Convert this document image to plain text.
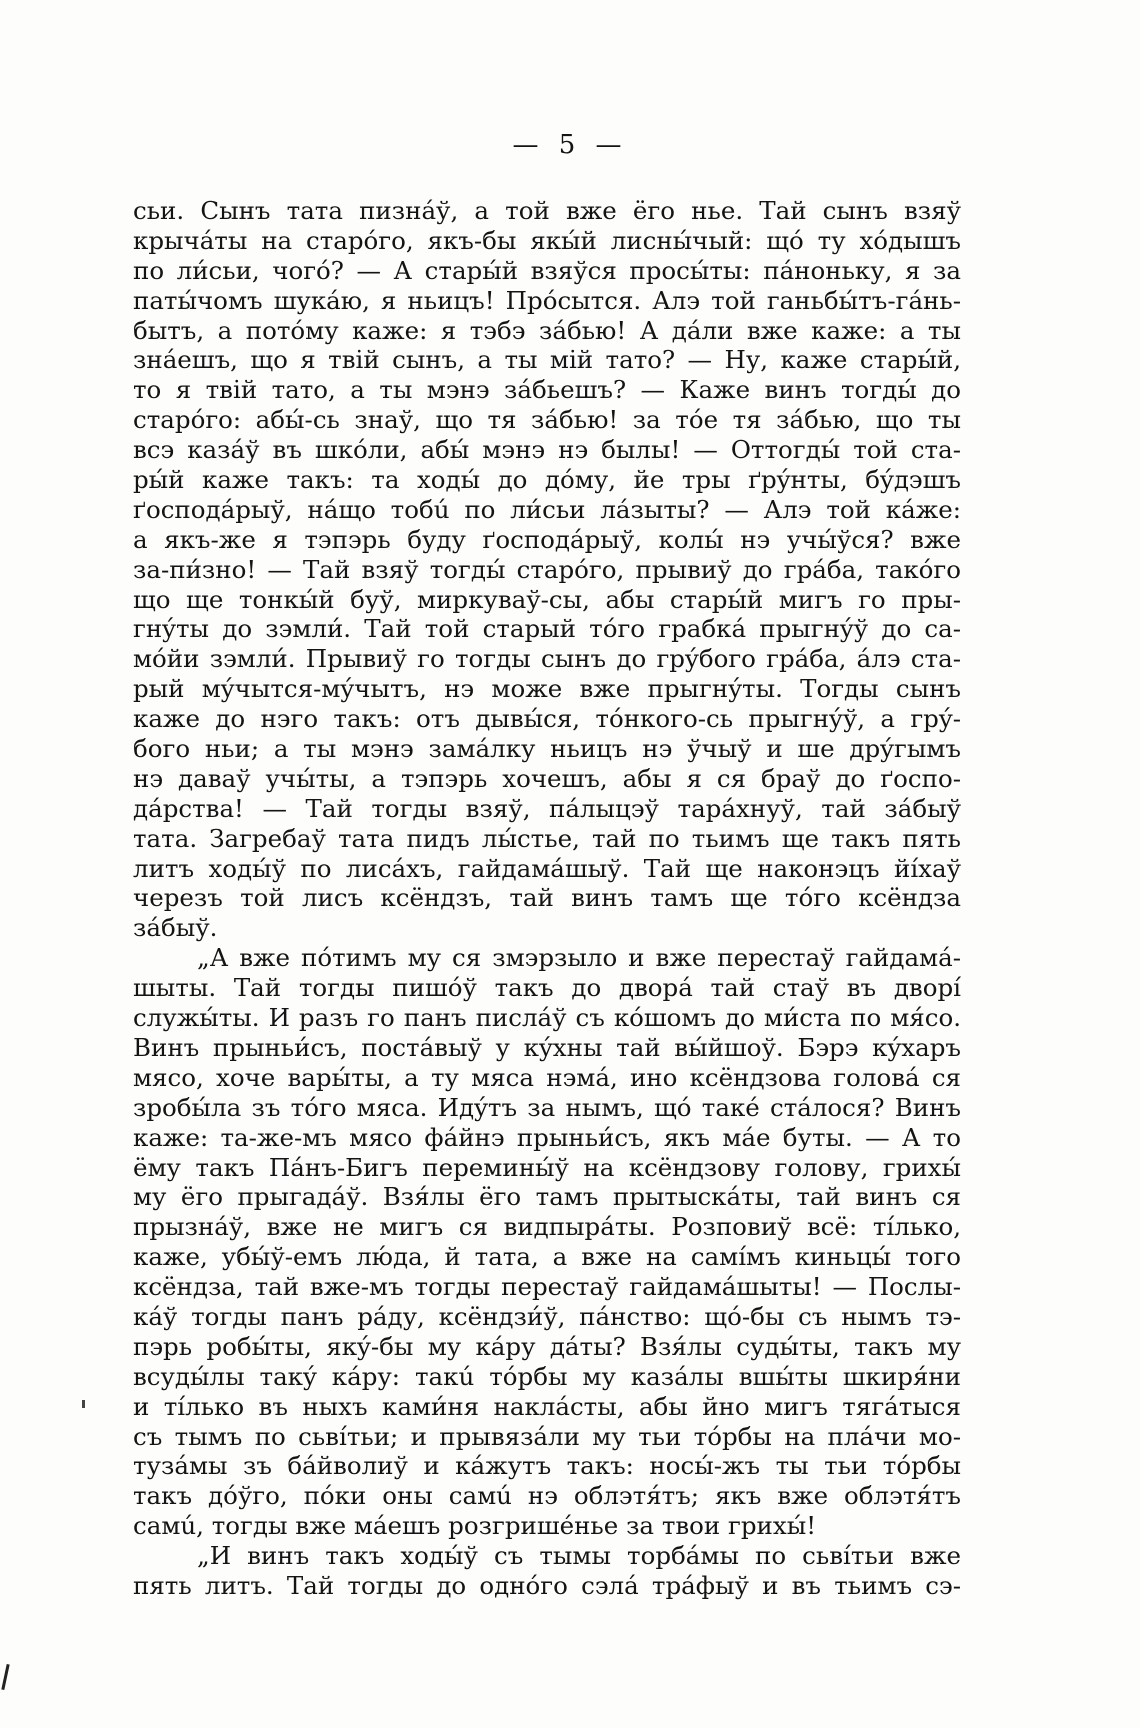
— 5 —
сьи. Сынъ тата пизнáў, а той вже ёго нье. Тай сынъ взяў
крычáты на старóго, якъ-бы якы́й лисны́чый: щó ту хóдышъ
по ли́сьи, чогó? — А стары́й взяўся просы́ты: пáноньку, я за
паты́чомъ шукáю, я ньицъ! Прóсытся. Алэ той ганьбы́тъ-гáнь-
бытъ, а потóму каже: я тэбэ зáбью! А дáли вже каже: а ты
знáешъ, що я твій сынъ, а ты мій тато? — Ну, каже стары́й,
то я твій тато, а ты мэнэ зáбьешъ? — Каже винъ тогды́ до
старóго: абы́-сь знаў, що тя зáбью! за тóе тя зáбью, що ты
всэ казáў въ шкóли, абы́ мэнэ нэ былы! — Оттогды́ той ста-
ры́й каже такъ: та ходы́ до дóму, йе тры ґрýнты, бýдэшъ
ґосподáрыў, нáщо тобú по ли́сьи лáзыты? — Алэ той кáже:
а якъ-же я тэпэрь буду ґосподáрыў, колы́ нэ учы́ўся? вже
за-пи́зно! — Тай взяў тогды́ старóго, прывиў до грáба, такóго
що ще тонкы́й буў, миркуваў-сы, абы стары́й мигъ го пры-
гнýты до зэмли́. Тай той старый тóго грабкá прыгнýў до са-
мóйи зэмли́. Прывиў го тогды сынъ до грýбого грáба, áлэ ста-
рый мýчытся-мýчытъ, нэ може вже прыгнýты. Тогды сынъ
каже до нэго такъ: отъ дывы́ся, тóнкого-сь прыгнýў, а грý-
бого ньи; а ты мэнэ замáлку ньицъ нэ ўчыў и ше дрýгымъ
нэ даваў учы́ты, а тэпэрь хочешъ, абы я ся браў до ґоспо-
дáрства! — Тай тогды взяў, пáлыцэў тарáхнуў, тай зáбыў
тата. Загребаў тата пидъ лы́стье, тай по тьимъ ще такъ пять
литъ ходы́ў по лисáхъ, гайдамáшыў. Тай ще наконэцъ йíхаў
черезъ той лисъ ксёндзъ, тай винъ тамъ ще тóго ксёндза
зáбыў.
„А вже пóтимъ му ся змэрзыло и вже перестаў гайдамá-
шыты. Тай тогды пишóў такъ до дворá тай стаў въ дворí
служы́ты. И разъ го панъ пислáў съ кóшомъ до ми́ста по мя́со.
Винъ прыньи́съ, постáвыў у кýхны тай вы́йшоў. Бэрэ кýхаръ
мясо, хоче вары́ты, а ту мяса нэмá, ино ксёндзова головá ся
зробы́ла зъ тóго мяса. Идýтъ за нымъ, щó такé стáлося? Винъ
каже: та-же-мъ мясо фáйнэ прыньи́съ, якъ мáе буты. — А то
ёму такъ Пáнъ-Бигъ перемины́ў на ксёндзову голову, грихы́
му ёго прыгадáў. Взя́лы ёго тамъ прытыскáты, тай винъ ся
прызнáў, вже не мигъ ся видпырáты. Розповиў всё: ті́лько,
каже, убы́ў-емъ лю́да, й тата, а вже на самíмъ киньцы́ того
ксёндза, тай вже-мъ тогды перестаў гайдамáшыты! — Послы-
кáў тогды панъ рáду, ксёндзи́ў, пáнство: щó-бы съ нымъ тэ-
пэрь робы́ты, якý-бы му кáру дáты? Взя́лы суды́ты, такъ му
всуды́лы такý кáру: такú тóрбы му казáлы вшы́ты шкиря́ни
и ті́лько въ ныхъ ками́ня наклáсты, абы йно мигъ тягáтыся
съ тымъ по сьвíтьи; и прывязáли му тьи тóрбы на плáчи мо-
тузáмы зъ бáйволиў и кáжутъ такъ: носы́-жъ ты тьи тóрбы
такъ дóўго, пóки оны самú нэ облэтя́тъ; якъ вже облэтя́тъ
самú, тогды вже мáешъ розгришéнье за твои грихы́!
„И винъ такъ ходы́ў съ тымы торбáмы по сьвíтьи вже
пять литъ. Тай тогды до однóго сэлá трáфыў и въ тьимъ сэ-
